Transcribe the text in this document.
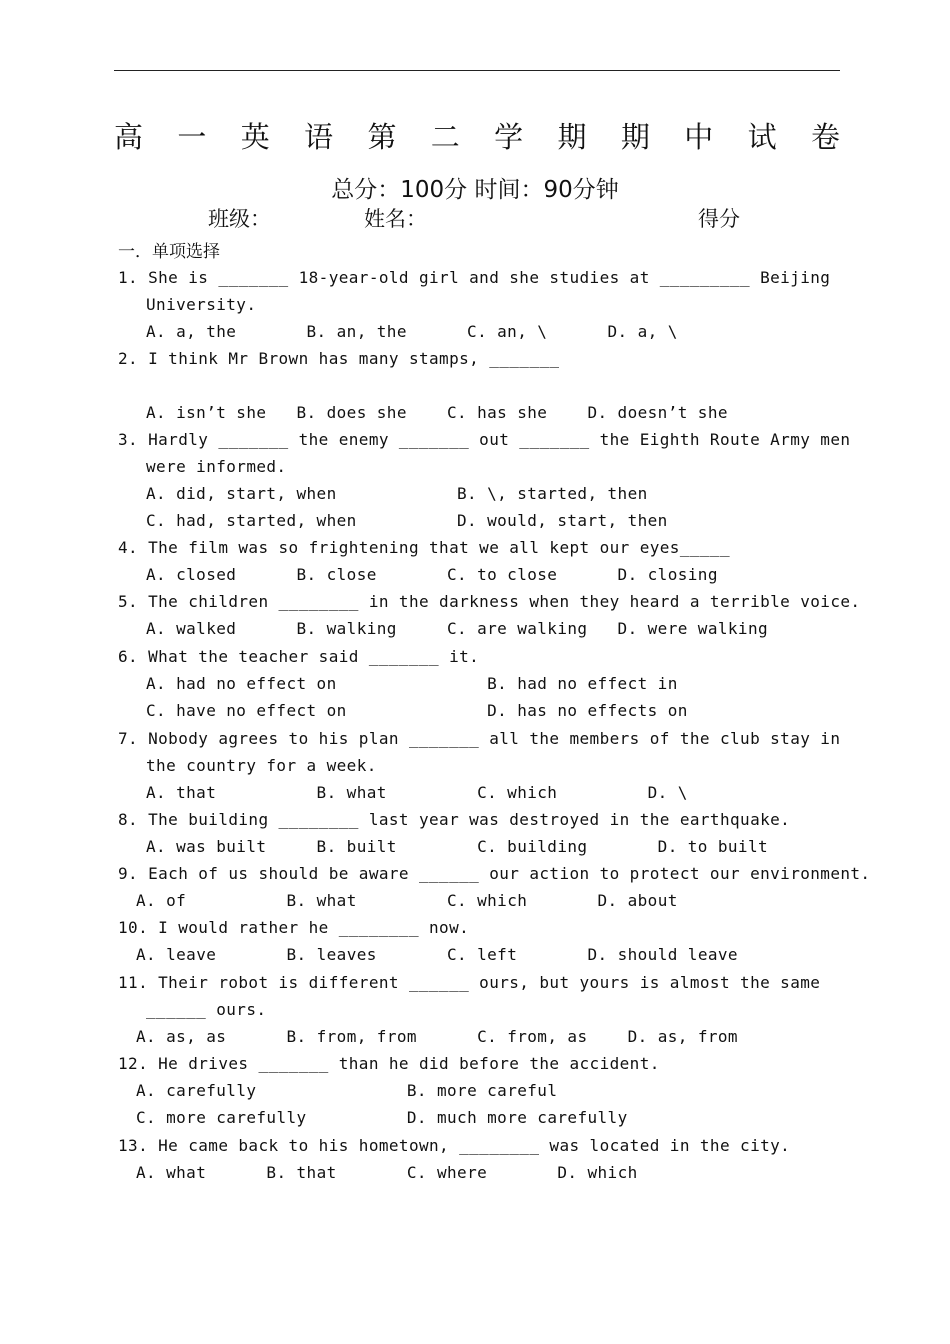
高 一 英 语 第 二 学 期 期 中 试 卷
总分：100分 时间：90分钟
班级：	姓名：	得分
一．单项选择
1. She is _______ 18-year-old girl and she studies at _________ Beijing
University.
A. a, the       B. an, the      C. an, \      D. a, \
2. I think Mr Brown has many stamps, _______
A. isn’t she   B. does she    C. has she    D. doesn’t she
3. Hardly _______ the enemy _______ out _______ the Eighth Route Army men
were informed.
A. did, start, when            B. \, started, then
C. had, started, when          D. would, start, then
4. The film was so frightening that we all kept our eyes_____
A. closed      B. close       C. to close      D. closing
5. The children ________ in the darkness when they heard a terrible voice.
A. walked      B. walking     C. are walking   D. were walking
6. What the teacher said _______ it.
A. had no effect on               B. had no effect in
C. have no effect on              D. has no effects on
7. Nobody agrees to his plan _______ all the members of the club stay in
the country for a week.
A. that          B. what         C. which         D. \
8. The building ________ last year was destroyed in the earthquake.
A. was built     B. built        C. building       D. to built
9. Each of us should be aware ______ our action to protect our environment.
A. of          B. what         C. which       D. about
10. I would rather he ________ now.
A. leave       B. leaves       C. left       D. should leave
11. Their robot is different ______ ours, but yours is almost the same
______ ours.
A. as, as      B. from, from      C. from, as    D. as, from
12. He drives _______ than he did before the accident.
A. carefully               B. more careful
C. more carefully          D. much more carefully
13. He came back to his hometown, ________ was located in the city.
A. what      B. that       C. where       D. which
